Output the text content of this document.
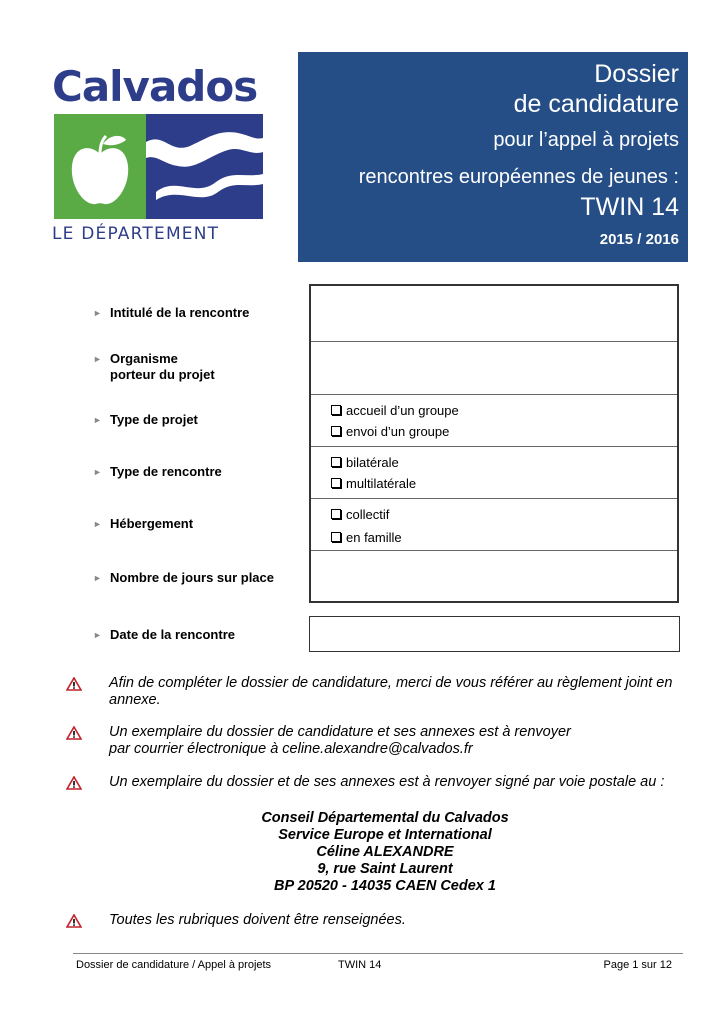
Calvados
LE DÉPARTEMENT
Dossier
de candidature
pour l’appel à projets
rencontres européennes de jeunes :
TWIN 14
2015 / 2016
► Intitulé de la rencontre
► Organisme
porteur du projet
► Type de projet
► Type de rencontre
► Hébergement
► Nombre de jours sur place
► Date de la rencontre
accueil d’un groupe
envoi d’un groupe
bilatérale
multilatérale
collectif
en famille
Afin de compléter le dossier de candidature, merci de vous référer au règlement joint en
annexe.
Un exemplaire du dossier de candidature et ses annexes est à renvoyer
par courrier électronique à celine.alexandre@calvados.fr
Un exemplaire du dossier et de ses annexes est à renvoyer signé par voie postale au :
Conseil Départemental du Calvados
Service Europe et International
Céline ALEXANDRE
9, rue Saint Laurent
BP 20520 - 14035 CAEN Cedex 1
Toutes les rubriques doivent être renseignées.
Dossier de candidature / Appel à projets	TWIN 14	Page 1 sur 12
